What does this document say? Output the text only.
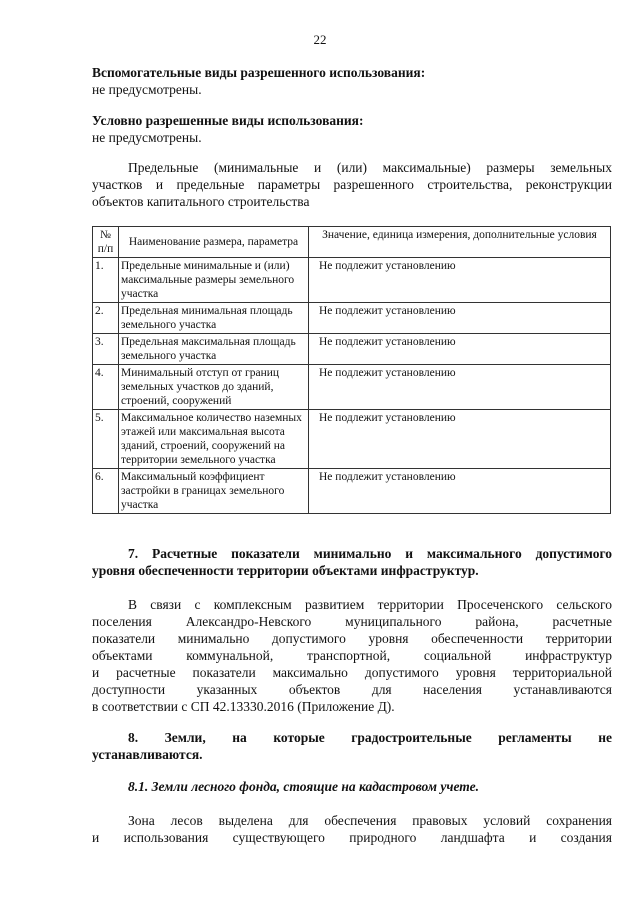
22
Вспомогательные виды разрешенного использования:
не предусмотрены.
Условно разрешенные виды использования:
не предусмотрены.
Предельные (минимальные и (или) максимальные) размеры земельных
участков и предельные параметры разрешенного строительства, реконструкции
объектов капитального строительства
№ п/п	Наименование размера, параметра	Значение, единица измерения, дополнительные условия
1.	Предельные минимальные и (или) максимальные размеры земельного участка	Не подлежит установлению
2.	Предельная минимальная площадь земельного участка	Не подлежит установлению
3.	Предельная максимальная площадь земельного участка	Не подлежит установлению
4.	Минимальный отступ от границ земельных участков до зданий, строений, сооружений	Не подлежит установлению
5.	Максимальное количество наземных этажей или максимальная высота зданий, строений, сооружений на территории земельного участка	Не подлежит установлению
6.	Максимальный коэффициент застройки в границах земельного участка	Не подлежит установлению
7. Расчетные показатели минимально и максимального допустимого
уровня обеспеченности территории объектами инфраструктур.
В связи с комплексным развитием территории Просеченского сельского
поселения Александро-Невского муниципального района, расчетные
показатели минимально допустимого уровня обеспеченности территории
объектами коммунальной, транспортной, социальной инфраструктур
и расчетные показатели максимально допустимого уровня территориальной
доступности указанных объектов для населения устанавливаются
в соответствии с СП 42.13330.2016 (Приложение Д).
8. Земли, на которые градостроительные регламенты не
устанавливаются.
8.1. Земли лесного фонда, стоящие на кадастровом учете.
Зона лесов выделена для обеспечения правовых условий сохранения
и использования существующего природного ландшафта и создания
